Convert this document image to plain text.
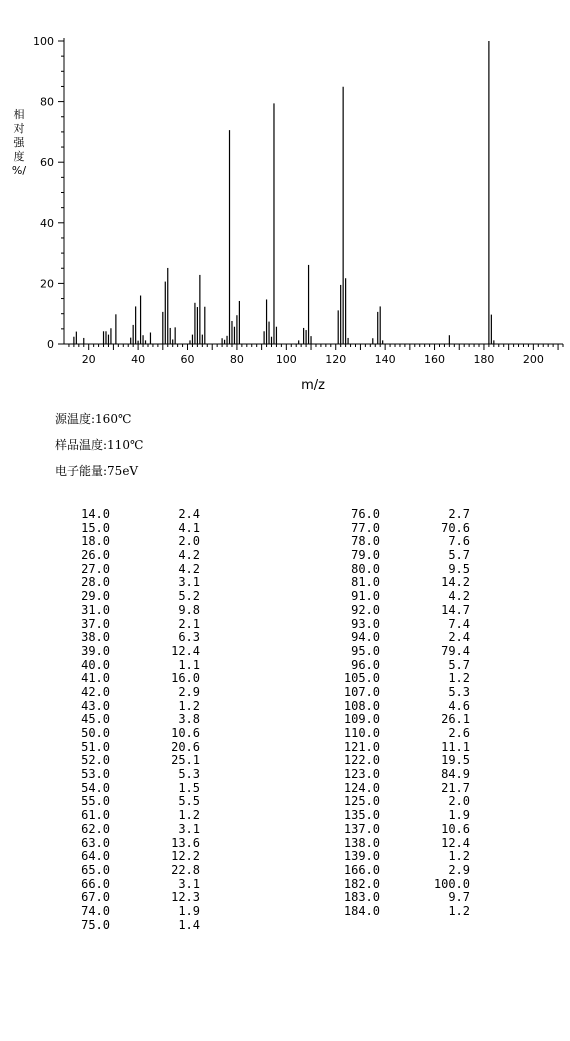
0
20
40
60
80
100
20	40	60	80	100	120	140	160	180	200
m/z
相
对
强
度
%/
源温度:160℃
样品温度:110℃
电子能量:75eV
14.0	2.4
15.0	4.1
18.0	2.0
26.0	4.2
27.0	4.2
28.0	3.1
29.0	5.2
31.0	9.8
37.0	2.1
38.0	6.3
39.0	12.4
40.0	1.1
41.0	16.0
42.0	2.9
43.0	1.2
45.0	3.8
50.0	10.6
51.0	20.6
52.0	25.1
53.0	5.3
54.0	1.5
55.0	5.5
61.0	1.2
62.0	3.1
63.0	13.6
64.0	12.2
65.0	22.8
66.0	3.1
67.0	12.3
74.0	1.9
75.0	1.4
76.0	2.7
77.0	70.6
78.0	7.6
79.0	5.7
80.0	9.5
81.0	14.2
91.0	4.2
92.0	14.7
93.0	7.4
94.0	2.4
95.0	79.4
96.0	5.7
105.0	1.2
107.0	5.3
108.0	4.6
109.0	26.1
110.0	2.6
121.0	11.1
122.0	19.5
123.0	84.9
124.0	21.7
125.0	2.0
135.0	1.9
137.0	10.6
138.0	12.4
139.0	1.2
166.0	2.9
182.0	100.0
183.0	9.7
184.0	1.2
